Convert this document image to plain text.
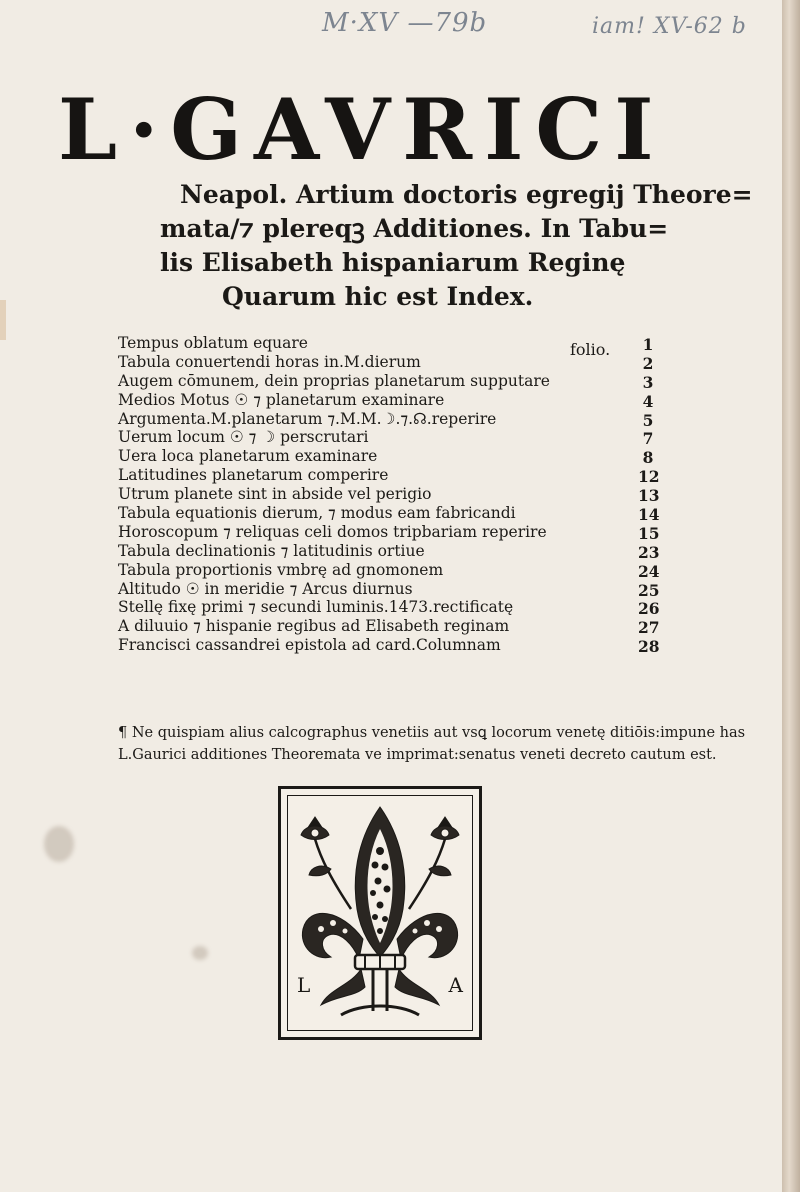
M·XV —79b	iam! XV-62 b
L·GAVRICI
Neapol. Artium doctoris egregij Theore=
mata/⁊ plereqꝫ Additiones. In Tabu=
lis Elisabeth hispaniarum Reginę
Quarum hic est Index.
folio.
Tempus oblatum equare	1
Tabula conuertendi horas in.M.dierum	2
Augem cōmunem, dein proprias planetarum supputare	3
Medios Motus ☉ ⁊ planetarum examinare	4
Argumenta.M.planetarum ⁊.M.M.☽.⁊.☊.reperire	5
Uerum locum ☉ ⁊ ☽ perscrutari	7
Uera loca planetarum examinare	8
Latitudines planetarum comperire	12
Utrum planete sint in abside vel perigio	13
Tabula equationis dierum, ⁊ modus eam fabricandi	14
Horoscopum ⁊ reliquas celi domos tripbariam reperire	15
Tabula declinationis ⁊ latitudinis ortiue	23
Tabula proportionis vmbrę ad gnomonem	24
Altitudo ☉ in meridie ⁊ Arcus diurnus	25
Stellę fixę primi ⁊ secundi luminis.1473.rectificatę	26
A diluuio ⁊ hispanie regibus ad Elisabeth reginam	27
Francisci cassandrei epistola ad card.Columnam	28
¶ Ne quispiam alius calcographus venetiis aut vsꝗ locorum venetę ditiōis:impune has
L.Gaurici additiones Theoremata ve imprimat:senatus veneti decreto cautum est.
L	A
